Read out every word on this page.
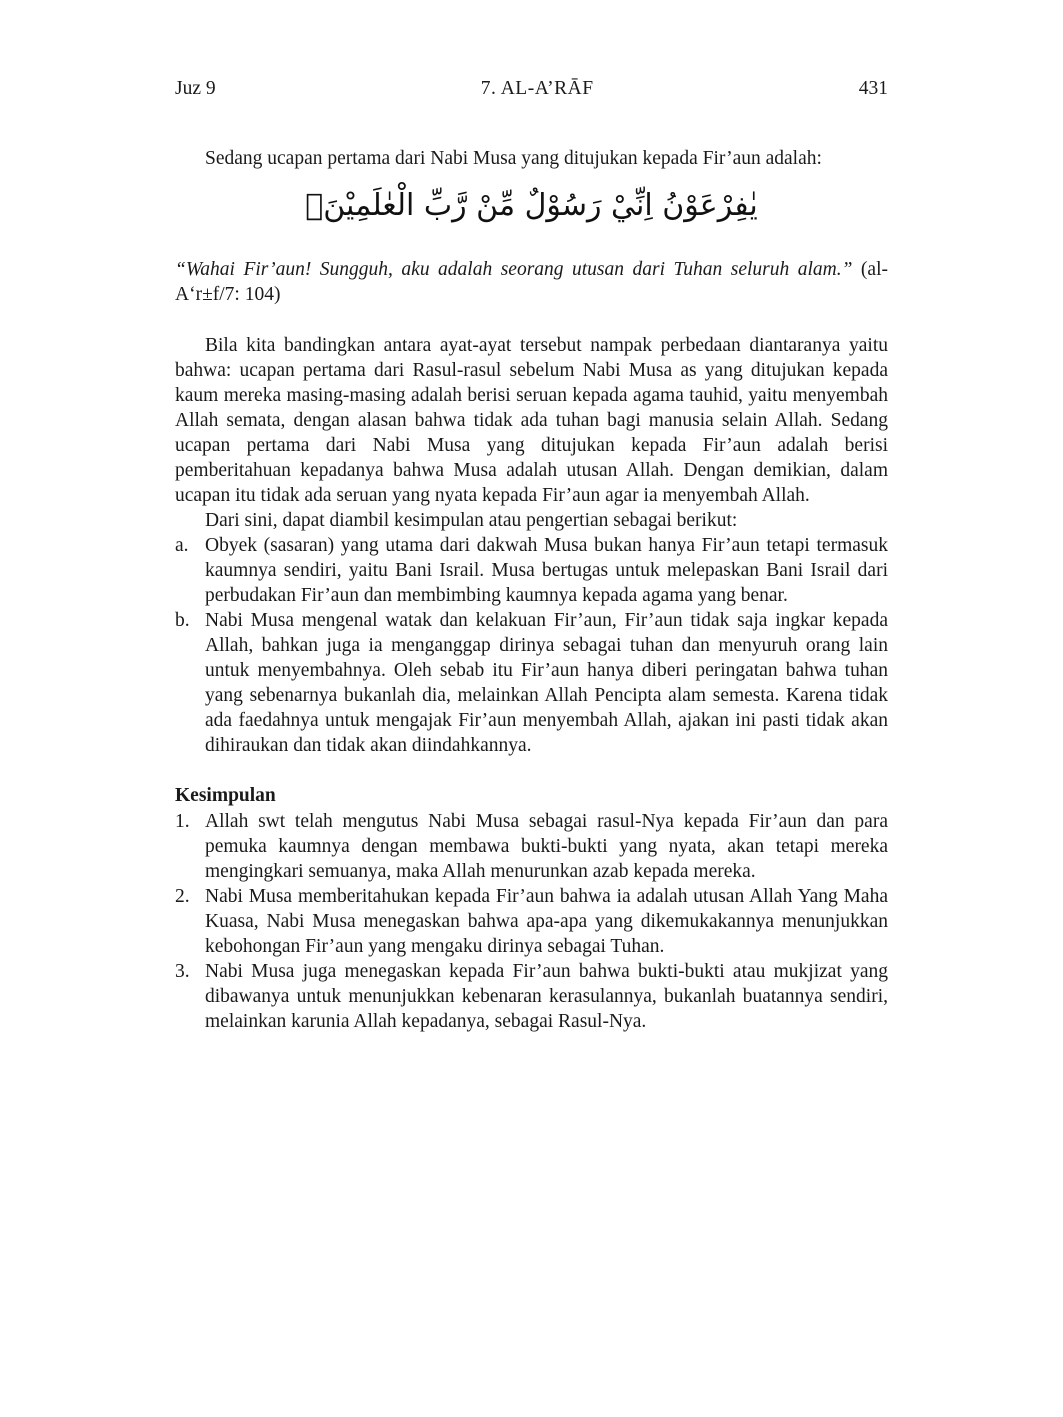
Juz 9	7. AL-A’RĀF	431

Sedang ucapan pertama dari Nabi Musa yang ditujukan kepada Fir’aun adalah:

يٰفِرْعَوْنُ اِنِّيْ رَسُوْلٌ مِّنْ رَّبِّ الْعٰلَمِيْنَۙ

“Wahai Fir’aun! Sungguh, aku adalah seorang utusan dari Tuhan seluruh alam.” (al-A‘r±f/7: 104)

Bila kita bandingkan antara ayat-ayat tersebut nampak perbedaan diantaranya yaitu bahwa: ucapan pertama dari Rasul-rasul sebelum Nabi Musa as yang ditujukan kepada kaum mereka masing-masing adalah berisi seruan kepada agama tauhid, yaitu menyembah Allah semata, dengan alasan bahwa tidak ada tuhan bagi manusia selain Allah. Sedang ucapan pertama dari Nabi Musa yang ditujukan kepada Fir’aun adalah berisi pemberitahuan kepadanya bahwa Musa adalah utusan Allah. Dengan demikian, dalam ucapan itu tidak ada seruan yang nyata kepada Fir’aun agar ia menyembah Allah.

Dari sini, dapat diambil kesimpulan atau pengertian sebagai berikut:

a. Obyek (sasaran) yang utama dari dakwah Musa bukan hanya Fir’aun tetapi termasuk kaumnya sendiri, yaitu Bani Israil. Musa bertugas untuk melepaskan Bani Israil dari perbudakan Fir’aun dan membimbing kaumnya kepada agama yang benar.
b. Nabi Musa mengenal watak dan kelakuan Fir’aun, Fir’aun tidak saja ingkar kepada Allah, bahkan juga ia menganggap dirinya sebagai tuhan dan menyuruh orang lain untuk menyembahnya. Oleh sebab itu Fir’aun hanya diberi peringatan bahwa tuhan yang sebenarnya bukanlah dia, melainkan Allah Pencipta alam semesta. Karena tidak ada faedahnya untuk mengajak Fir’aun menyembah Allah, ajakan ini pasti tidak akan dihiraukan dan tidak akan diindahkannya.
Kesimpulan
1. Allah swt telah mengutus Nabi Musa sebagai rasul-Nya kepada Fir’aun dan para pemuka kaumnya dengan membawa bukti-bukti yang nyata, akan tetapi mereka mengingkari semuanya, maka Allah menurunkan azab kepada mereka.
2. Nabi Musa memberitahukan kepada Fir’aun bahwa ia adalah utusan Allah Yang Maha Kuasa, Nabi Musa menegaskan bahwa apa-apa yang dikemukakannya menunjukkan kebohongan Fir’aun yang mengaku dirinya sebagai Tuhan.
3. Nabi Musa juga menegaskan kepada Fir’aun bahwa bukti-bukti atau mukjizat yang dibawanya untuk menunjukkan kebenaran kerasulannya, bukanlah buatannya sendiri, melainkan karunia Allah kepadanya, sebagai Rasul-Nya.
